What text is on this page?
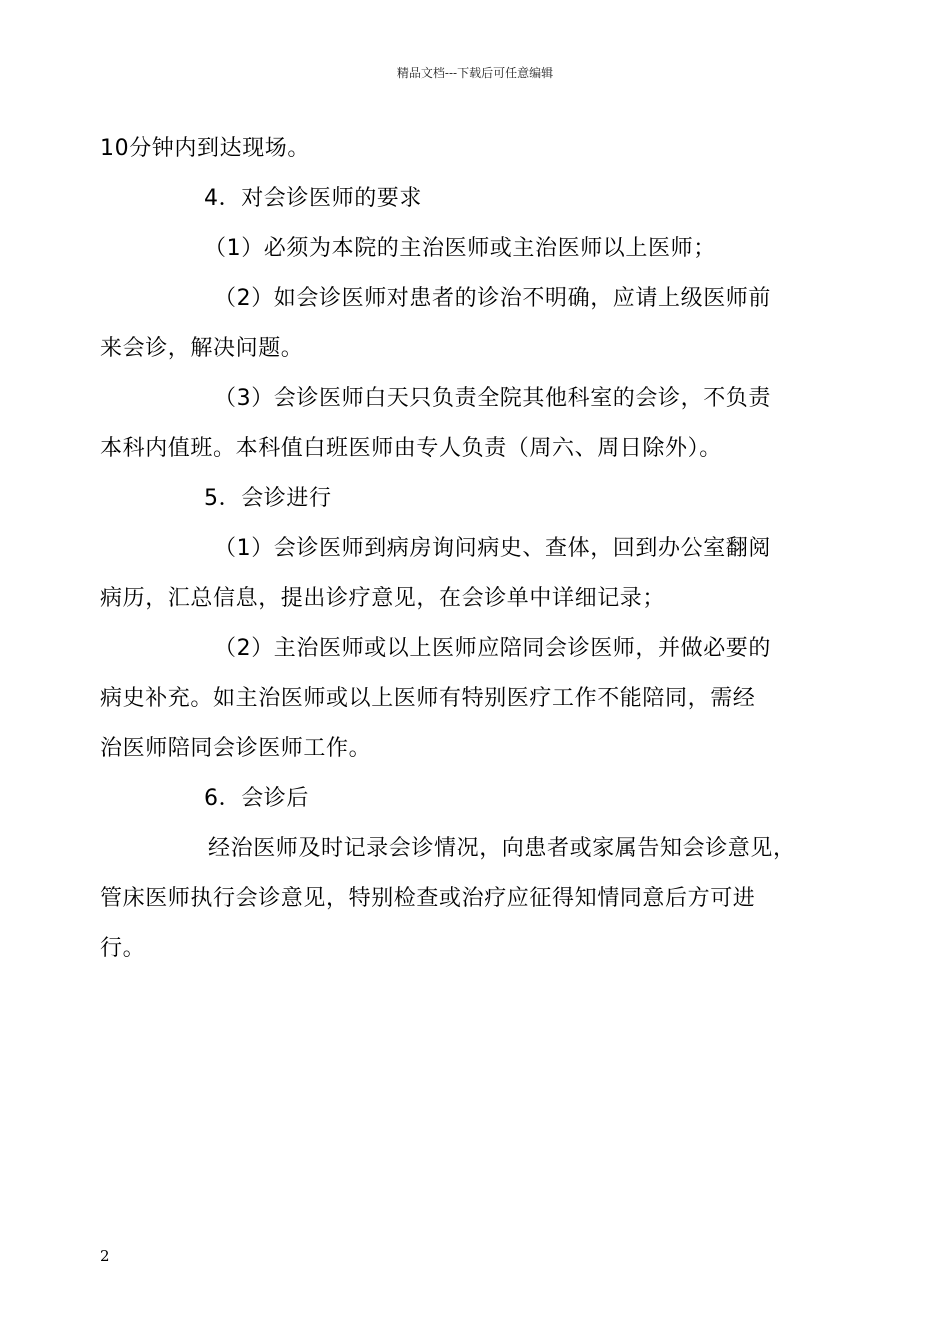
精品文档---下载后可任意编辑
10分钟内到达现场。
4．对会诊医师的要求
（1）必须为本院的主治医师或主治医师以上医师；
（2）如会诊医师对患者的诊治不明确，应请上级医师前
来会诊，解决问题。
（3）会诊医师白天只负责全院其他科室的会诊，不负责
本科内值班。本科值白班医师由专人负责（周六、周日除外）。
5．会诊进行
（1）会诊医师到病房询问病史、查体，回到办公室翻阅
病历，汇总信息，提出诊疗意见，在会诊单中详细记录；
（2）主治医师或以上医师应陪同会诊医师，并做必要的
病史补充。如主治医师或以上医师有特别医疗工作不能陪同，需经
治医师陪同会诊医师工作。
6．会诊后
经治医师及时记录会诊情况，向患者或家属告知会诊意见，
管床医师执行会诊意见，特别检查或治疗应征得知情同意后方可进
行。
2
